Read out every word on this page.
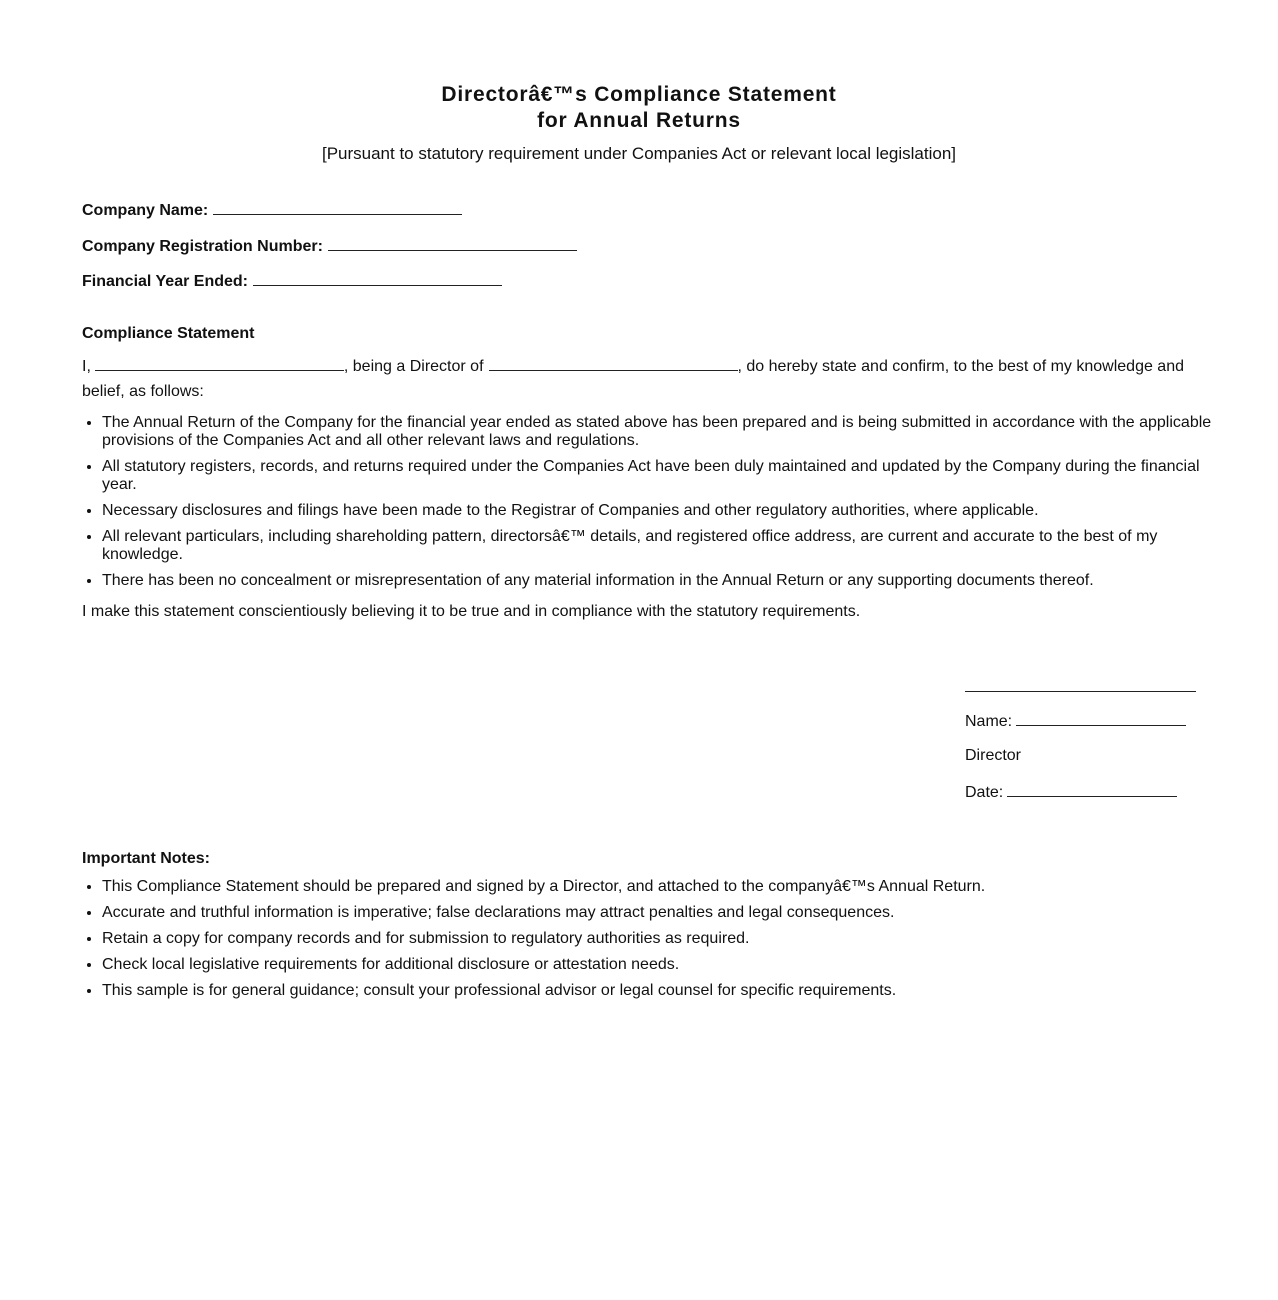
Directorâ€™s Compliance Statement
for Annual Returns
[Pursuant to statutory requirement under Companies Act or relevant local legislation]
Company Name:
Company Registration Number:
Financial Year Ended:
Compliance Statement
I,	, being a Director of	, do hereby state and confirm, to the best of my knowledge and belief, as follows:
• The Annual Return of the Company for the financial year ended as stated above has been prepared and is being submitted in accordance with the applicable provisions of the Companies Act and all other relevant laws and regulations.
• All statutory registers, records, and returns required under the Companies Act have been duly maintained and updated by the Company during the financial year.
• Necessary disclosures and filings have been made to the Registrar of Companies and other regulatory authorities, where applicable.
• All relevant particulars, including shareholding pattern, directorsâ€™ details, and registered office address, are current and accurate to the best of my knowledge.
• There has been no concealment or misrepresentation of any material information in the Annual Return or any supporting documents thereof.
I make this statement conscientiously believing it to be true and in compliance with the statutory requirements.
Name:
Director
Date:
Important Notes:
• This Compliance Statement should be prepared and signed by a Director, and attached to the companyâ€™s Annual Return.
• Accurate and truthful information is imperative; false declarations may attract penalties and legal consequences.
• Retain a copy for company records and for submission to regulatory authorities as required.
• Check local legislative requirements for additional disclosure or attestation needs.
• This sample is for general guidance; consult your professional advisor or legal counsel for specific requirements.
